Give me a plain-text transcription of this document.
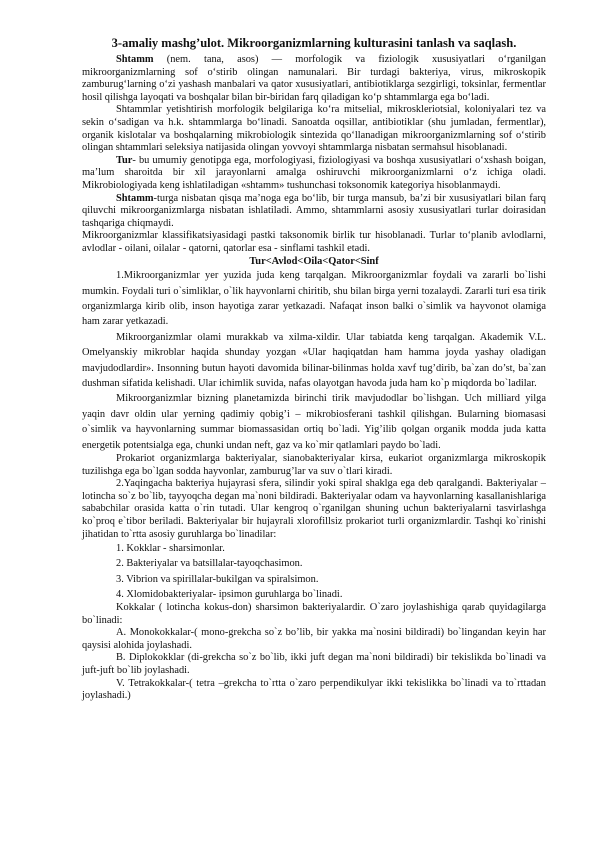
3-amaliy mashg’ulot. Mikroorganizmlarning kulturasini tanlash va saqlash.

Shtamm (nem. tana, asos) — morfologik va fiziologik xususiyatlari o‘rganilgan mikroorganizmlarning sof o‘stirib olingan namunalari. Bir turdagi bakteriya, virus, mikroskopik zamburug‘larning o‘zi yashash manbalari va qator xususiyatlari, antibiotiklarga sezgirligi, toksinlar, fermentlar hosil qilishga layoqati va boshqalar bilan bir-biridan farq qiladigan ko‘p shtammlarga ega bo‘ladi.

Shtammlar yetishtirish morfologik belgilariga ko‘ra mitselial, mikroskleriotsial, koloniyalari tez va sekin o‘sadigan va h.k. shtammlarga bo‘linadi. Sanoatda oqsillar, antibiotiklar (shu jumladan, fermentlar), organik kislotalar va boshqalarning mikrobiologik sintezida qo‘llanadigan mikroorganizmlarning sof o‘stirib olingan shtammlari seleksiya natijasida olingan yovvoyi shtammlarga nisbatan sermahsul hisoblanadi.

Tur- bu umumiy genotipga ega, morfologiyasi, fiziologiyasi va boshqa xususiyatlari o‘xshash boigan, ma’lum sharoitda bir xil jarayonlarni amalga oshiruvchi mikroorganizmlarni o‘z ichiga oladi. Mikrobiologiyada keng ishlatiladigan «shtamm» tushunchasi toksonomik kategoriya hisoblanmaydi.

Shtamm-turga nisbatan qisqa ma’noga ega bo‘lib, bir turga mansub, ba’zi bir xususiyatlari bilan farq qiluvchi mikroorganizmlarga nisbatan ishlatiladi. Ammo, shtammlarni asosiy xususiyatlari turlar doirasidan tashqariga chiqmaydi.

Mikroorganizmlar klassifikatsiyasidagi pastki taksonomik birlik tur hisoblanadi. Turlar to‘planib avlodlarni, avlodlar - oilani, oilalar - qatorni, qatorlar esa - sinflami tashkil etadi.

Tur<Avlod<Oila<Qator<Sinf

1.Mikroorganizmlar yer yuzida juda keng tarqalgan. Mikroorganizmlar foydali va zararli bo`lishi mumkin. Foydali turi o`simliklar, o`lik hayvonlarni chiritib, shu bilan birga yerni tozalaydi. Zararli turi esa tirik organizmlarga kirib olib, inson hayotiga zarar yetkazadi. Nafaqat inson balki o`simlik va hayvonot olamiga ham zarar yetkazadi.

Mikroorganizmlar olami murakkab va xilma-xildir. Ular tabiatda keng tarqalgan. Akademik V.L. Omelyanskiy mikroblar haqida shunday yozgan «Ular haqiqatdan ham hamma joyda yashay oladigan mavjudodlardir». Insonning butun hayoti davomida bilinar-bilinmas holda xavf tug’dirib, ba`zan do’st, ba`zan dushman sifatida kelishadi. Ular ichimlik suvida, nafas olayotgan havoda juda ham ko`p miqdorda bo`ladilar.

Mikroorganizmlar bizning planetamizda birinchi tirik mavjudodlar bo`lishgan. Uch milliard yilga yaqin davr oldin ular yerning qadimiy qobig’i – mikrobiosferani tashkil qilishgan. Bularning biomasasi o`simlik va hayvonlarning summar biomassasidan ortiq bo`ladi. Yig’ilib qolgan organik modda juda katta energetik potentsialga ega, chunki undan neft, gaz va ko`mir qatlamlari paydo bo`ladi.

Prokariot organizmlarga bakteriyalar, sianobakteriyalar kirsa, eukariot organizmlarga mikroskopik tuzilishga ega bo`lgan sodda hayvonlar, zamburug’lar va suv o`tlari kiradi.

2.Yaqingacha bakteriya hujayrasi sfera, silindir yoki spiral shaklga ega deb qaralgandi. Bakteriyalar – lotincha so`z bo`lib, tayyoqcha degan ma`noni bildiradi. Bakteriyalar odam va hayvonlarning kasallanishlariga sababchilar orasida katta o`rin tutadi. Ular kengroq o`rganilgan shuning uchun bakteriyalarni tasvirlashga ko`proq e`tibor beriladi. Bakteriyalar bir hujayrali xlorofillsiz prokariot turli organizmlardir. Tashqi ko`rinishi jihatidan to`rtta asosiy guruhlarga bo`linadilar:

1. Kokklar - sharsimonlar.
2. Bakteriyalar va batsillalar-tayoqchasimon.
3. Vibrion va spirillalar-bukilgan va spiralsimon.
4. Xlomidobakteriyalar- ipsimon guruhlarga bo`linadi.

Kokkalar ( lotincha kokus-don) sharsimon bakteriyalardir. O`zaro joylashishiga qarab quyidagilarga bo`linadi:

A. Monokokkalar-( mono-grekcha so`z bo’lib, bir yakka ma`nosini bildiradi) bo`lingandan keyin har qaysisi alohida joylashadi.

B. Diplokokklar (di-grekcha so`z bo`lib, ikki juft degan ma`noni bildiradi) bir tekislikda bo`linadi va juft-juft bo`lib joylashadi.

V. Tetrakokkalar-( tetra –grekcha to`rtta o`zaro perpendikulyar ikki tekislikka bo`linadi va to`rttadan joylashadi.)
